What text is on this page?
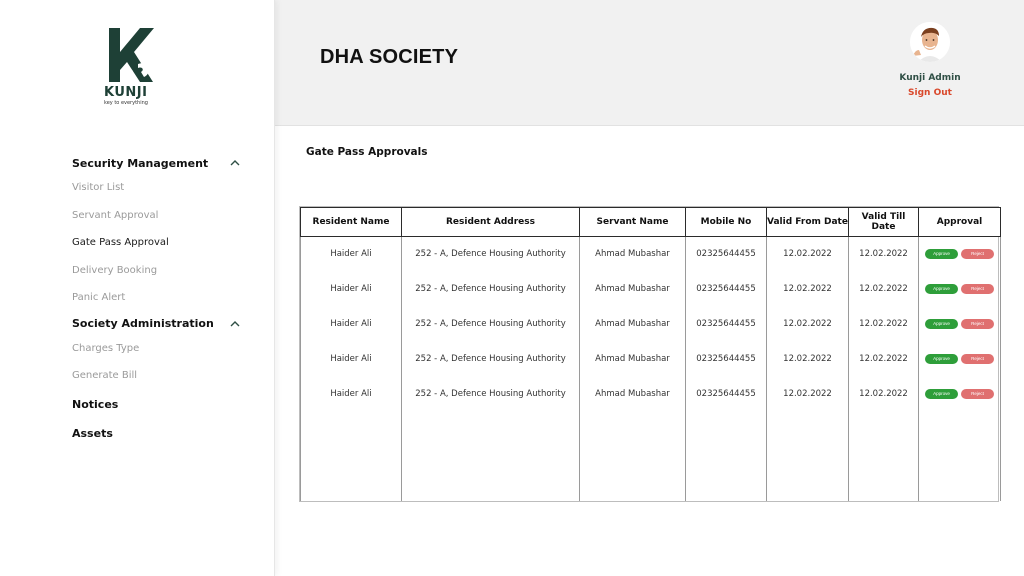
KUNJI
key to everything
Security Management
Visitor List
Servant Approval
Gate Pass Approval
Delivery Booking
Panic Alert
Society Administration
Charges Type
Generate Bill
Notices
Assets
DHA SOCIETY
Kunji Admin
Sign Out
Gate Pass Approvals
Resident Name	Resident Address	Servant Name	Mobile No	Valid From Date	Valid Till Date	Approval
Haider Ali	252 - A, Defence Housing Authority	Ahmad Mubashar	02325644455	12.02.2022	12.02.2022	Approve Reject

Haider Ali	252 - A, Defence Housing Authority	Ahmad Mubashar	02325644455	12.02.2022	12.02.2022	Approve Reject

Haider Ali	252 - A, Defence Housing Authority	Ahmad Mubashar	02325644455	12.02.2022	12.02.2022	Approve Reject

Haider Ali	252 - A, Defence Housing Authority	Ahmad Mubashar	02325644455	12.02.2022	12.02.2022	Approve Reject

Haider Ali	252 - A, Defence Housing Authority	Ahmad Mubashar	02325644455	12.02.2022	12.02.2022	Approve Reject
